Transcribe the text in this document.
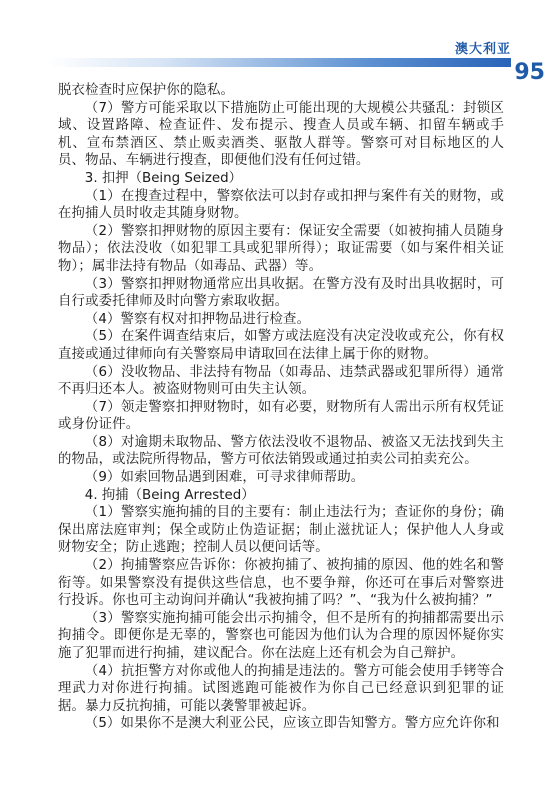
澳大利亚
95

脱衣检查时应保护你的隐私。

（7）警方可能采取以下措施防止可能出现的大规模公共骚乱：封锁区域、设置路障、检查证件、发布提示、搜查人员或车辆、扣留车辆或手机、宣布禁酒区、禁止贩卖酒类、驱散人群等。警察可对目标地区的人员、物品、车辆进行搜查，即便他们没有任何过错。

3. 扣押（Being Seized）

（1）在搜查过程中，警察依法可以封存或扣押与案件有关的财物，或在拘捕人员时收走其随身财物。

（2）警察扣押财物的原因主要有：保证安全需要（如被拘捕人员随身物品）；依法没收（如犯罪工具或犯罪所得）；取证需要（如与案件相关证物）；属非法持有物品（如毒品、武器）等。

（3）警察扣押财物通常应出具收据。在警方没有及时出具收据时，可自行或委托律师及时向警方索取收据。

（4）警察有权对扣押物品进行检查。

（5）在案件调查结束后，如警方或法庭没有决定没收或充公，你有权直接或通过律师向有关警察局申请取回在法律上属于你的财物。

（6）没收物品、非法持有物品（如毒品、违禁武器或犯罪所得）通常不再归还本人。被盗财物则可由失主认领。

（7）领走警察扣押财物时，如有必要，财物所有人需出示所有权凭证或身份证件。

（8）对逾期未取物品、警方依法没收不退物品、被盗又无法找到失主的物品，或法院所得物品，警方可依法销毁或通过拍卖公司拍卖充公。

（9）如索回物品遇到困难，可寻求律师帮助。

4. 拘捕（Being Arrested）

（1）警察实施拘捕的目的主要有：制止违法行为；查证你的身份；确保出席法庭审判；保全或防止伪造证据；制止滋扰证人；保护他人人身或财物安全；防止逃跑；控制人员以便问话等。

（2）拘捕警察应告诉你：你被拘捕了、被拘捕的原因、他的姓名和警衔等。如果警察没有提供这些信息，也不要争辩，你还可在事后对警察进行投诉。你也可主动询问并确认“我被拘捕了吗？”、“我为什么被拘捕？”

（3）警察实施拘捕可能会出示拘捕令，但不是所有的拘捕都需要出示拘捕令。即便你是无辜的，警察也可能因为他们认为合理的原因怀疑你实施了犯罪而进行拘捕，建议配合。你在法庭上还有机会为自己辩护。

（4）抗拒警方对你或他人的拘捕是违法的。警方可能会使用手铐等合理武力对你进行拘捕。试图逃跑可能被作为你自己已经意识到犯罪的证据。暴力反抗拘捕，可能以袭警罪被起诉。

（5）如果你不是澳大利亚公民，应该立即告知警方。警方应允许你和
